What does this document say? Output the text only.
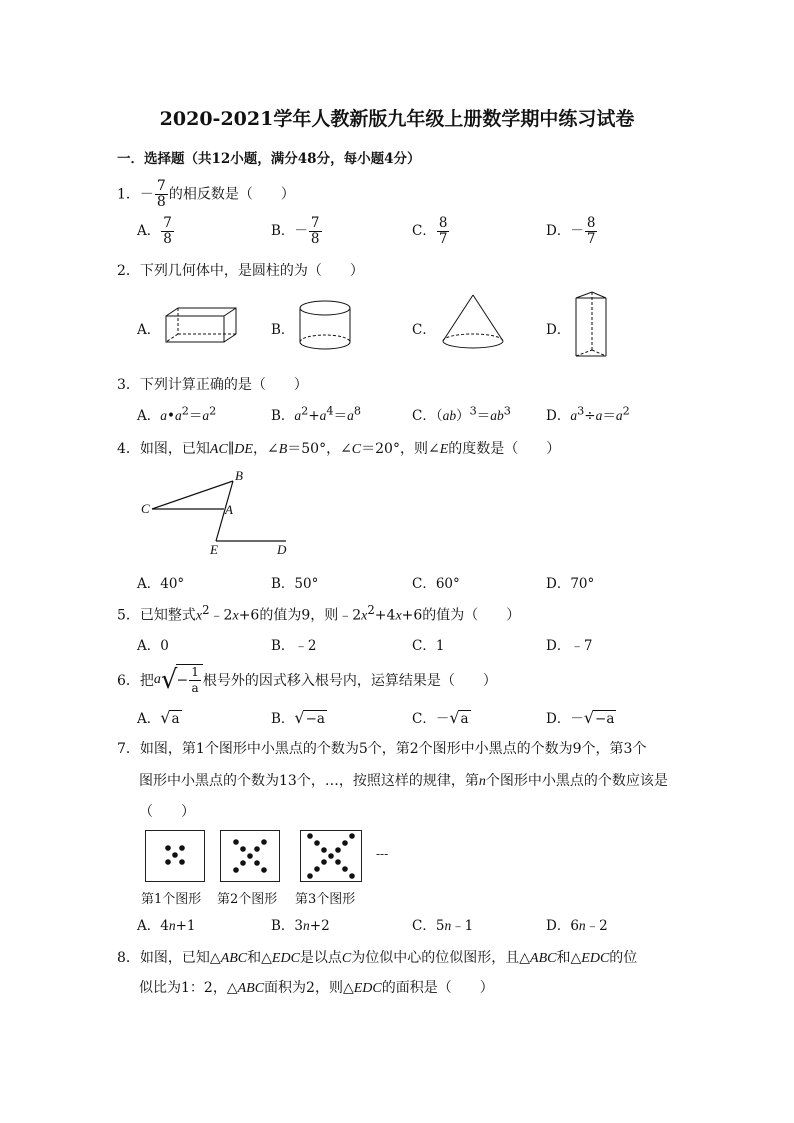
2020-2021学年人教新版九年级上册数学期中练习试卷
一．选择题（共12小题，满分48分，每小题4分）
1．－ $\frac{7}{8}$ 的相反数是（　　）
A． $\frac{7}{8}$	B．－ $\frac{7}{8}$	C． $\frac{8}{7}$	D．－ $\frac{8}{7}$
2．下列几何体中，是圆柱的为（　　）
A．	B．	C．	D．
3．下列计算正确的是（　　）
A．$a•a^2=a^2$	B．$a^2+a^4=a^8$	C．$(ab)^3=ab^3$	D．$a^3\div a=a^2$
4．如图，已知AC∥DE，∠B＝50°，∠C＝20°，则∠E的度数是（　　）
B
C	A
E	D
A．40°	B．50°	C．60°	D．70°
5．已知整式$x^2﹣2x+6$的值为9，则$﹣2x^2+4x+6$的值为（　　）
A．0	B．﹣2	C．1	D．﹣7
6．把$a√- \frac{1}{a}$ 根号外的因式移入根号内，运算结果是（　　）
A．√a	B．√−a	C．－√a	D．－√−a
7．如图，第1个图形中小黑点的个数为5个，第2个图形中小黑点的个数为9个，第3个
图形中小黑点的个数为13个，…，按照这样的规律，第n个图形中小黑点的个数应该是
（　　）
---
第1个图形 第2个图形 第3个图形
A．4n+1	B．3n+2	C．5n﹣1	D．6n﹣2
8．如图，已知△ABC和△EDC是以点C为位似中心的位似图形，且△ABC和△EDC的位
似比为1：2，△ABC面积为2，则△EDC的面积是（　　）
